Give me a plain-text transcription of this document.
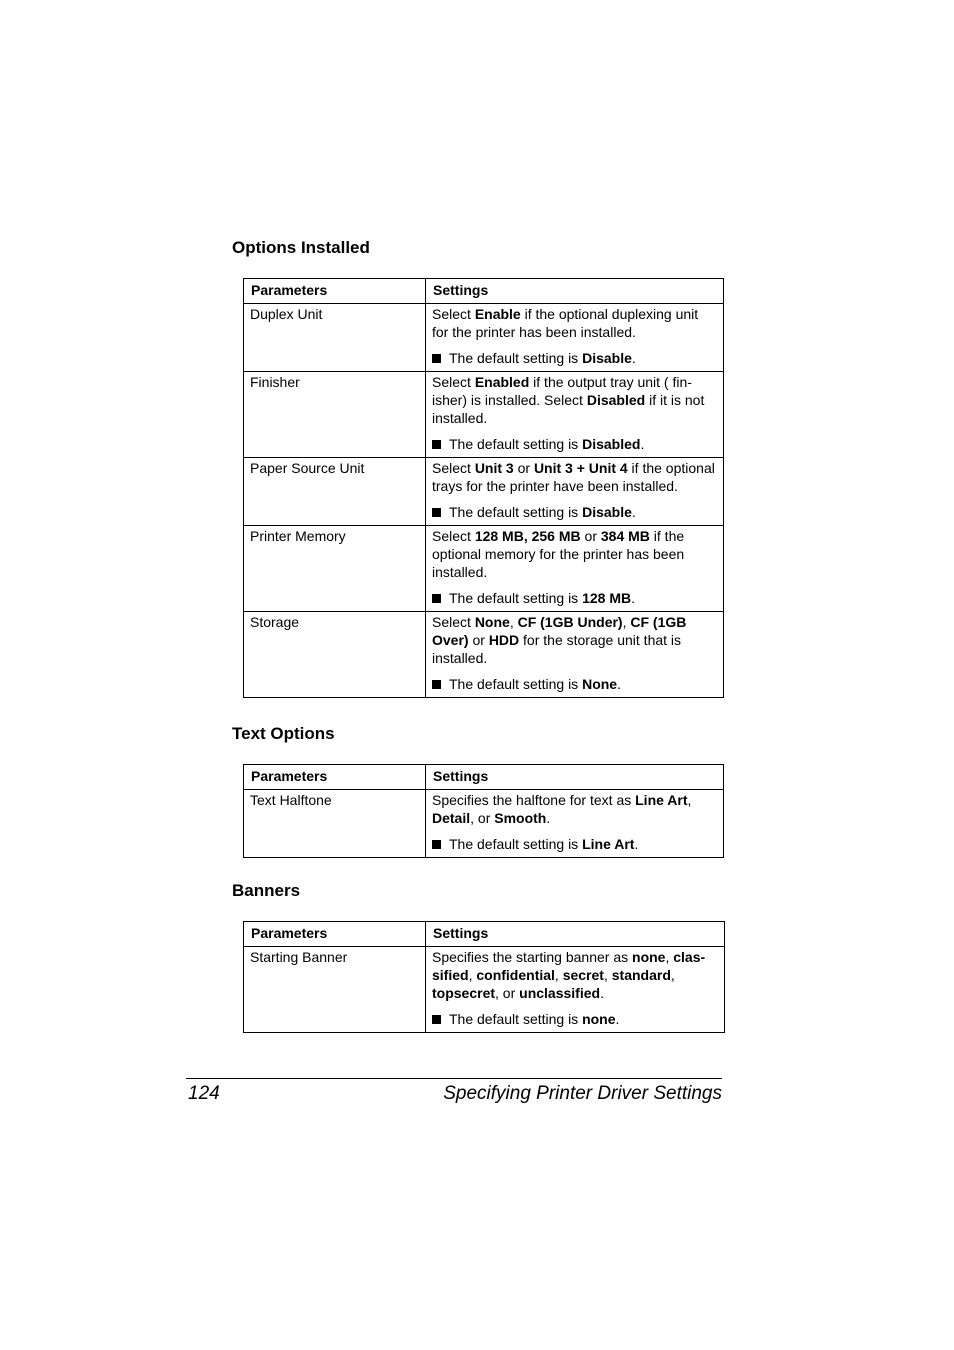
Options Installed
Parameters	Settings
Duplex Unit	Select Enable if the optional duplexing unit for the printer has been installed.

The default setting is Disable.

Finisher	Select Enabled if the output tray unit ( fin-isher) is installed. Select Disabled if it is not installed.

The default setting is Disabled.

Paper Source Unit	Select Unit 3 or Unit 3 + Unit 4 if the optional trays for the printer have been installed.

The default setting is Disable.

Printer Memory	Select 128 MB, 256 MB or 384 MB if the optional memory for the printer has been installed.

The default setting is 128 MB.

Storage	Select None, CF (1GB Under), CF (1GB Over) or HDD for the storage unit that is installed.

The default setting is None.

Text Options
Parameters	Settings
Text Halftone	Specifies the halftone for text as Line Art, Detail, or Smooth.

The default setting is Line Art.

Banners
Parameters	Settings
Starting Banner	Specifies the starting banner as none, clas-sified, confidential, secret, standard, topsecret, or unclassified.

The default setting is none.

124	Specifying Printer Driver Settings
